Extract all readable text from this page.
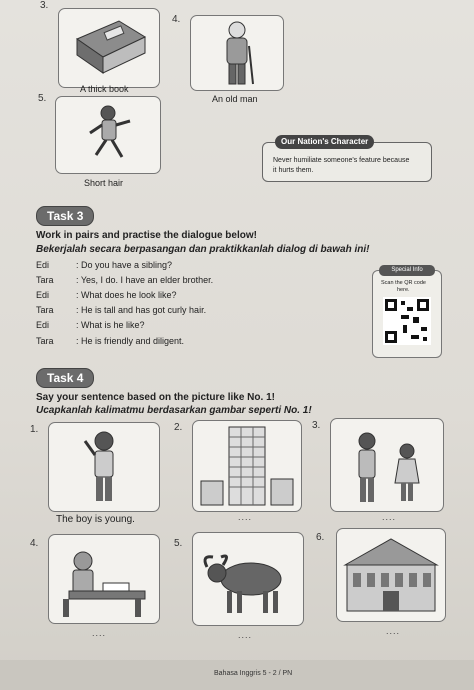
3.
4.
A thick book
An old man
5.
Short hair
Our Nation's Character
Never humiliate someone's feature because
it hurts them.
Task 3
Work in pairs and practise the dialogue below!
Bekerjalah secara berpasangan dan praktikkanlah dialog di bawah ini!
Edi	: Do you have a sibling?
Tara : Yes, I do. I have an elder brother.
Edi	: What does he look like?
Tara : He is tall and has got curly hair.
Edi	: What is he like?
Tara : He is friendly and diligent.
Special Info
Scan the QR code
here.
Task 4
Say your sentence based on the picture like No. 1!
Ucapkanlah kalimatmu berdasarkan gambar seperti No. 1!
1.
The boy is young.
2.
....
3.
....
4.
....
5.
....
6.
....
Bahasa Inggris 5 - 2 / PN
